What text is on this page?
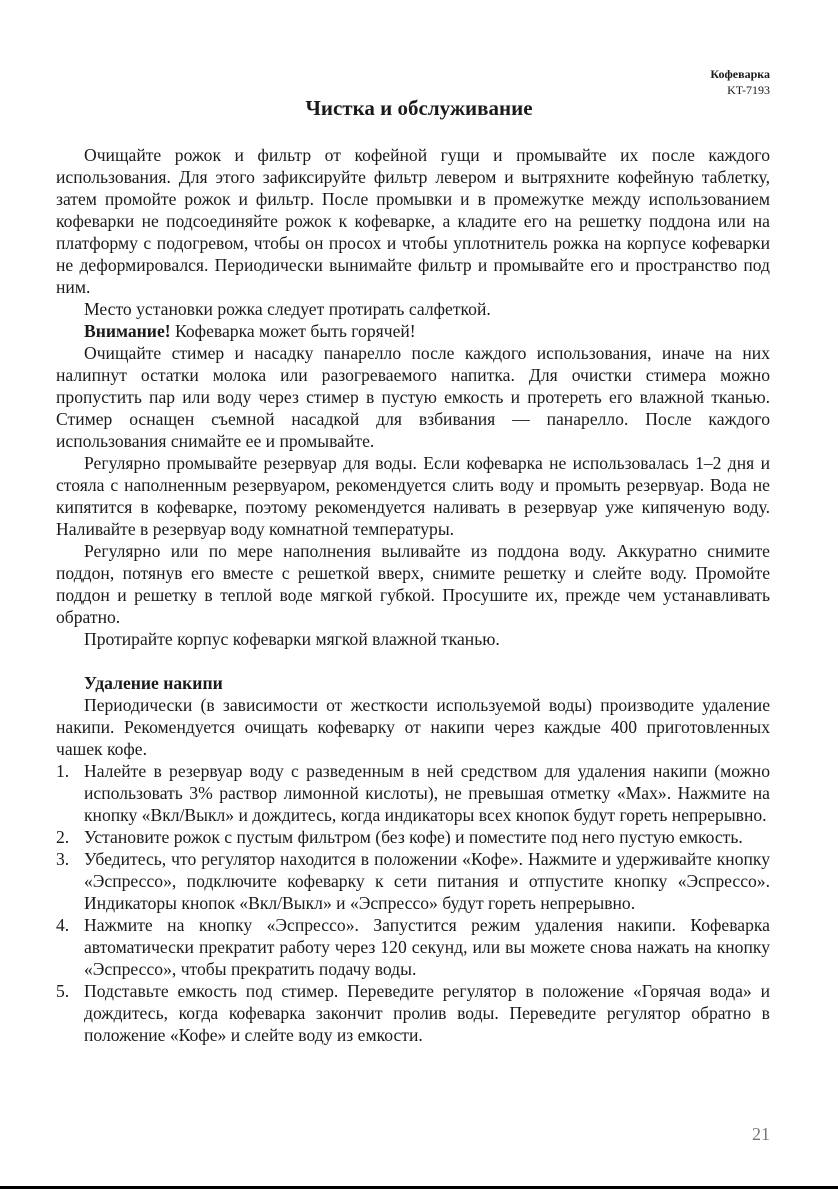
Кофеварка
KT-7193
Чистка и обслуживание

Очищайте рожок и фильтр от кофейной гущи и промывайте их после каждого использования. Для этого зафиксируйте фильтр левером и вытряхните кофейную таблетку, затем промойте рожок и фильтр. После промывки и в промежутке между использованием кофеварки не подсоединяйте рожок к кофеварке, а кладите его на решетку поддона или на платформу с подогревом, чтобы он просох и чтобы уплотнитель рожка на корпусе кофеварки не деформировался. Периодически вынимайте фильтр и промывайте его и пространство под ним.

Место установки рожка следует протирать салфеткой.

Внимание! Кофеварка может быть горячей!

Очищайте стимер и насадку панарелло после каждого использования, иначе на них налипнут остатки молока или разогреваемого напитка. Для очистки стимера можно пропустить пар или воду через стимер в пустую емкость и протереть его влажной тканью. Стимер оснащен съемной насадкой для взбивания — панарелло. После каждого использования снимайте ее и промывайте.

Регулярно промывайте резервуар для воды. Если кофеварка не использовалась 1–2 дня и стояла с наполненным резервуаром, рекомендуется слить воду и промыть резервуар. Вода не кипятится в кофеварке, поэтому рекомендуется наливать в резервуар уже кипяченую воду. Наливайте в резервуар воду комнатной температуры.

Регулярно или по мере наполнения выливайте из поддона воду. Аккуратно снимите поддон, потянув его вместе с решеткой вверх, снимите решетку и слейте воду. Промойте поддон и решетку в теплой воде мягкой губкой. Просушите их, прежде чем устанавливать обратно.

Протирайте корпус кофеварки мягкой влажной тканью.

Удаление накипи

Периодически (в зависимости от жесткости используемой воды) производите удаление накипи. Рекомендуется очищать кофеварку от накипи через каждые 400 приготовленных чашек кофе.

1. Налейте в резервуар воду с разведенным в ней средством для удаления накипи (можно использовать 3% раствор лимонной кислоты), не превышая отметку «Max». Нажмите на кнопку «Вкл/Выкл» и дождитесь, когда индикаторы всех кнопок будут гореть непрерывно.
2. Установите рожок с пустым фильтром (без кофе) и поместите под него пустую емкость.
3. Убедитесь, что регулятор находится в положении «Кофе». Нажмите и удерживайте кнопку «Эспрессо», подключите кофеварку к сети питания и отпустите кнопку «Эспрессо». Индикаторы кнопок «Вкл/Выкл» и «Эспрессо» будут гореть непрерывно.
4. Нажмите на кнопку «Эспрессо». Запустится режим удаления накипи. Кофеварка автоматически прекратит работу через 120 секунд, или вы можете снова нажать на кнопку «Эспрессо», чтобы прекратить подачу воды.
5. Подставьте емкость под стимер. Переведите регулятор в положение «Горячая вода» и дождитесь, когда кофеварка закончит пролив воды. Переведите регулятор обратно в положение «Кофе» и слейте воду из емкости.
21
